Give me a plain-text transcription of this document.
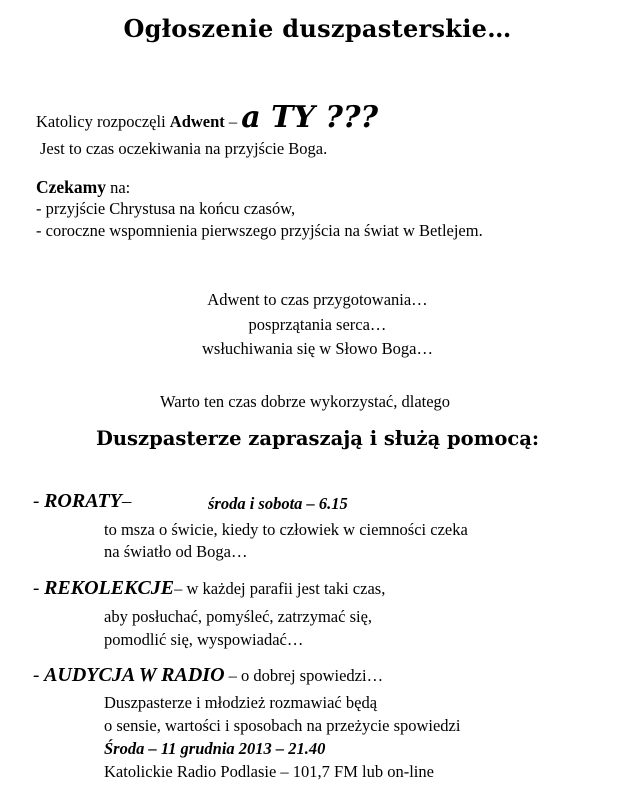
Ogłoszenie duszpasterskie…
Katolicy rozpoczęli Adwent – a TY ???
Jest to czas oczekiwania na przyjście Boga.
Czekamy na:
- przyjście Chrystusa na końcu czasów,
- coroczne wspomnienia pierwszego przyjścia na świat w Betlejem.
Adwent to czas przygotowania…
posprzątania serca…
wsłuchiwania się w Słowo Boga…
Warto ten czas dobrze wykorzystać, dlatego
Duszpasterze zapraszają i służą pomocą:
- RORATY–	środa i sobota – 6.15
to msza o świcie, kiedy to człowiek w ciemności czeka
na światło od Boga…
- REKOLEKCJE– w każdej parafii jest taki czas,
aby posłuchać, pomyśleć, zatrzymać się,
pomodlić się, wyspowiadać…
- AUDYCJA W RADIO – o dobrej spowiedzi…
Duszpasterze i młodzież rozmawiać będą
o sensie, wartości i sposobach na przeżycie spowiedzi
Środa – 11 grudnia 2013 – 21.40
Katolickie Radio Podlasie – 101,7 FM lub on-line
